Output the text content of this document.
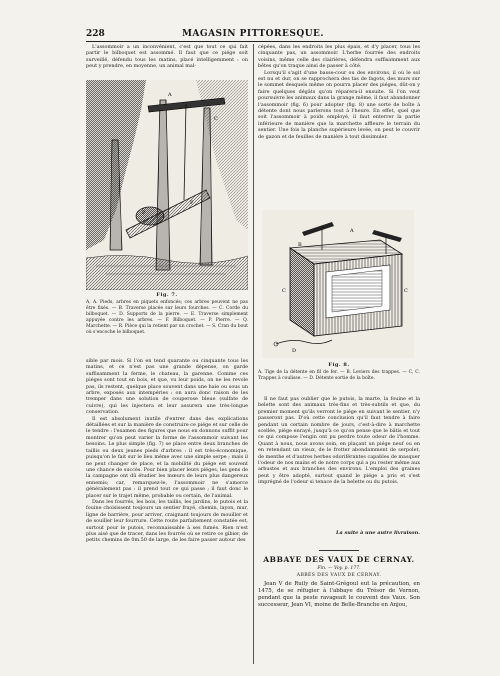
228	MAGASIN PITTORESQUE.

L'assommoir a un inconvénient, c'est que tout ce qui fait partir le bilboquet est assommé. Il faut que ce piége soit surveillé, défendu tous les matins, placé intelligemment : on peut y prendre, en moyenne, un animal mal-

A
C
P
F
Fig. 7.
A, A. Pieds, arbres en piquets enfoncés; ces arbres peuvent ne pas être fixés. — B. Traverse placée sur leurs fourches. — C. Corde du bilboquet. — D. Supports de la pierre. — E. Traverse simplement appuyée contre les arbres. — F. Bilboquet. — P. Pierre. — Q. Marchette. — R. Pièce qui la retient par un crochet. — S. Cran du bout où s'encoche le bilboquet.

sible par mois. Si l'on en tend quarante ou cinquante tous les matins, et ce n'est pas une grande dépense, on garde suffisamment la ferme, le chateau, la garenne. Comme ces piéges sont tout en bois, et que, vu leur poids, on ne les revole pas, ils restent, quelque place souvent dans une haie ou sous un arbre, exposés aux intempéries : on aura donc raison de les tremper dans une solution de couperose bleue (sulfate de cuivre), qui les injectera et leur assurera une très-longue conservation.

Il est absolument inutile d'entrer dans des explications détaillées et sur la manière de construire ce piége et sur celle de le tendre : l'examen des figures que nous en donnons suffit pour montrer qu'on peut varier la forme de l'assommoir suivant les besoins. Le plus simple (fig. 7) se place entre deux branches de taillis ou deux jeunes pieds d'arbres : il est très-économique, puisqu'on le fait sur le lieu même avec une simple serpe ; mais il ne peut changer de place, et la mobilité du piége est souvent une chance de succès. Pour bien placer leurs piéges, les gens de la campagne ont dû étudier les mœurs de leurs plus dangereux ennemis; car, remarquez-le, l'assommoir ne s'amorce généralement pas : il prend tout ce qui passe ; il faut donc le placer sur le trajet même, probable ou certain, de l'animal.

Dans les fourrés, les bois, les taillis, les jardins, le putois et la fouine choisissent toujours un sentier frayé, chemin, layon, mur, ligne de barrière, pour arriver, craignant toujours de mouiller et de souiller leur fourrure. Cette route parfaitement constatée est, surtout pour le putois, reconnaissable à ses fumés. Rien n'est plus aisé que de tracer, dans les fourrés où se retire ce gibier, de petits chemins de 0m.50 de large, de les faire passer autour des

cépées, dans les endroits les plus épais, et d'y placer, tous les cinquante pas, un assommoir. L'herbe fourrée des endroits voisins, même celle des clairières, défendra suffisamment aux bêtes qu'on traque ainsi de passer à côté.

Lorsqu'il s'agit d'une basse-cour ou des environs, il où le sol est nu et dur, on se rapprochera des tas de fagots, des murs sur le sommet desquels même on pourra placer des piéges, dût-on y faire quelques dégâts qu'on réparera-il ensuite. Si l'on veut poursuivre les animaux dans la grange même, il faut abandonner l'assommoir (fig. 6) pour adopter (fig. 8) une sorte de boîte à détente dont nous parlerons tout à l'heure. En effet, quel que soit l'assommoir à poids employé, il faut enterrer la partie inférieure de manière que la marchette affleure le terrain du sentier. Une fois la planche supérieure levée, on peut le couvrir de gazon et de feuilles de manière à tout dissimuler.

B
A
C	C
D
Fig. 8.
A. Tige de la détente en fil de fer. — B. Leviers des trappes. — C, C. Trappes à coulisse. — D. Détente sortie de la boîte.

Il ne faut pas oublier que le putois, la marte, la fouine et la belette sont des animaux très-fins et très-subtils et que, du premier moment qu'ils verront le piége en suivant le sentier, n'y passeront pas. D'où cette conclusion qu'il faut tendre à faire pendant un certain nombre de jours, c'est-à-dire à marchette scellée, piége enrayé, jusqu'à ce qu'on pense que le bâtis et tout ce qui compose l'engin ont pu perdre toute odeur de l'homme. Quant à nous, nous avons soin, en plaçant un piége neuf ou en en retendant un vieux, de le frotter abondamment de serpolet, de menthe et d'autres herbes odoriférantes capables de masquer l'odeur de nos mains et de notre corps qui a pu rester même aux arbustes et aux branches des environs. L'emploi des graines peut y être adopté, surtout quand le piége a pris et s'est imprégné de l'odeur si tenace de la belette ou du putois.

La suite à une autre livraison.
ABBAYE DES VAUX DE CERNAY.
Fin. — Voy. p. 177.
ABBÉS DES VAUX DE CERNAY.

Jean V de Ruily de Saint-Grégoul eut la précaution, en 1475, de se réfugier à l'abbaye du Trésor de Vernon, pendant que la peste ravageait le couvent des Vaux. Son successeur, Jean VI, moine de Belle-Branche en Anjou,
